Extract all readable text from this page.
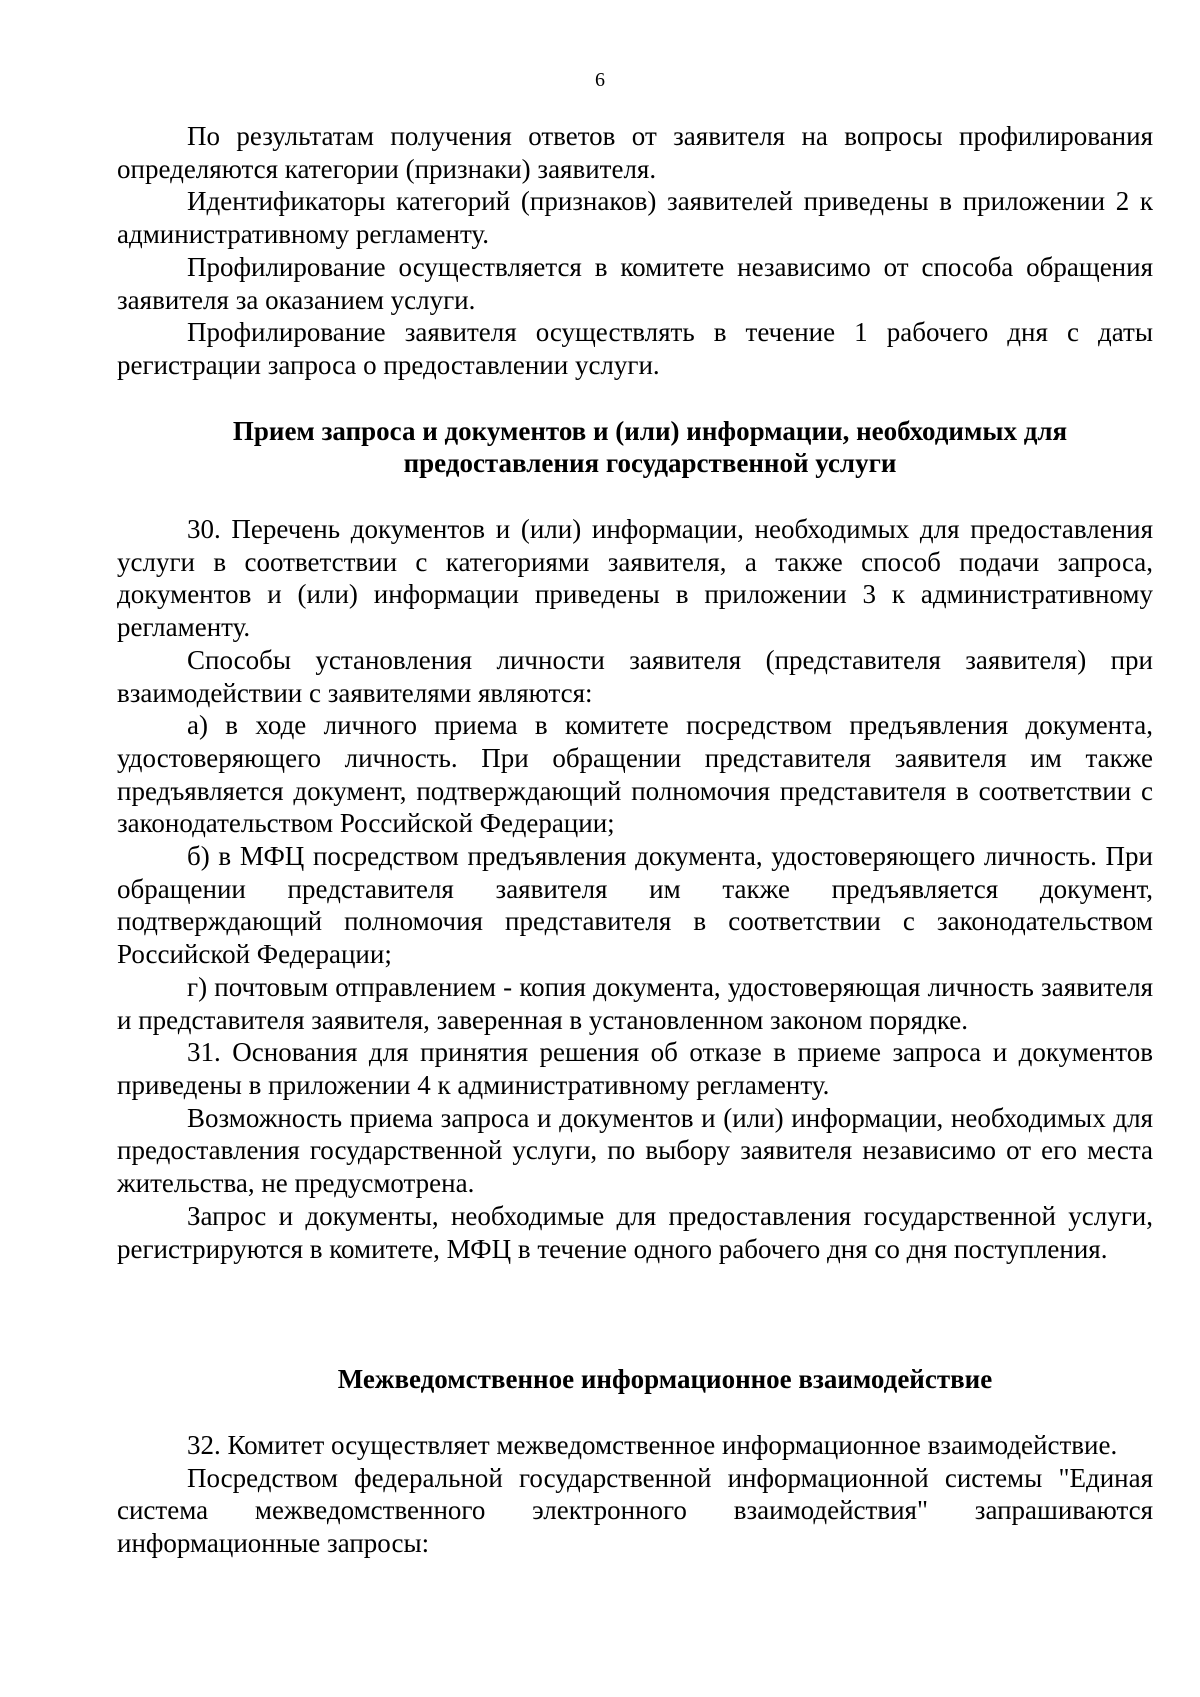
6

По результатам получения ответов от заявителя на вопросы профилирования определяются категории (признаки) заявителя.

Идентификаторы категорий (признаков) заявителей приведены в приложении 2 к административному регламенту.

Профилирование осуществляется в комитете независимо от способа обращения заявителя за оказанием услуги.

Профилирование заявителя осуществлять в течение 1 рабочего дня с даты регистрации запроса о предоставлении услуги.

Прием запроса и документов и (или) информации, необходимых для
предоставления государственной услуги

30. Перечень документов и (или) информации, необходимых для предоставления услуги в соответствии с категориями заявителя, а также способ подачи запроса, документов и (или) информации приведены в приложении 3 к административному регламенту.

Способы установления личности заявителя (представителя заявителя) при взаимодействии с заявителями являются:

а) в ходе личного приема в комитете посредством предъявления документа, удостоверяющего личность. При обращении представителя заявителя им также предъявляется документ, подтверждающий полномочия представителя в соответствии с законодательством Российской Федерации;

б) в МФЦ посредством предъявления документа, удостоверяющего личность. При обращении представителя заявителя им также предъявляется документ, подтверждающий полномочия представителя в соответствии с законодательством Российской Федерации;

г) почтовым отправлением - копия документа, удостоверяющая личность заявителя и представителя заявителя, заверенная в установленном законом порядке.

31. Основания для принятия решения об отказе в приеме запроса и документов приведены в приложении 4 к административному регламенту.

Возможность приема запроса и документов и (или) информации, необходимых для предоставления государственной услуги, по выбору заявителя независимо от его места жительства, не предусмотрена.

Запрос и документы, необходимые для предоставления государственной услуги, регистрируются в комитете, МФЦ в течение одного рабочего дня со дня поступления.

Межведомственное информационное взаимодействие

32. Комитет осуществляет межведомственное информационное взаимодействие.

Посредством федеральной государственной информационной системы "Единая система межведомственного электронного взаимодействия" запрашиваются информационные запросы:
